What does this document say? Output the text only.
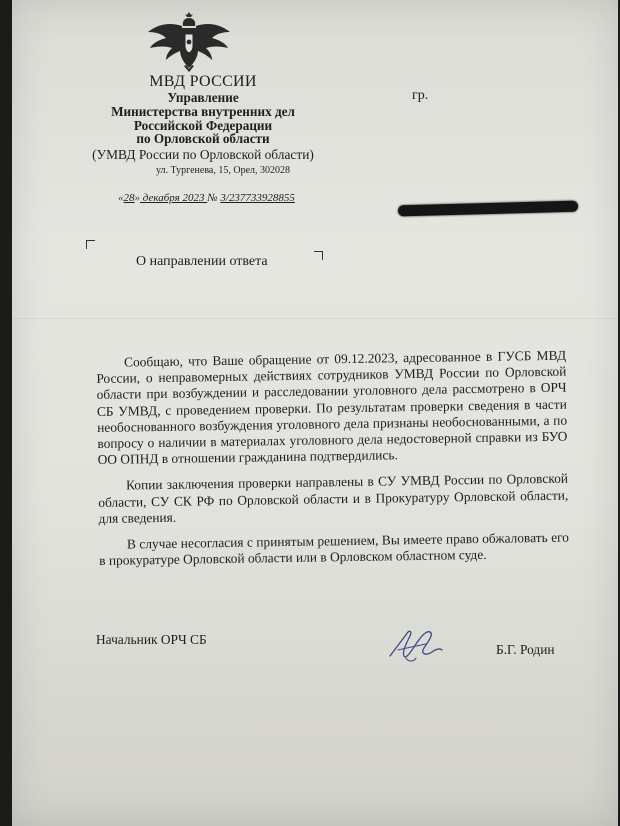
МВД РОССИИ
Управление
Министерства внутренних дел
Российской Федерации
по Орловской области
(УМВД России по Орловской области)
ул. Тургенева, 15, Орел, 302028
гр.
«28» декабря 2023 № 3/237733928855
О направлении ответа

Сообщаю, что Ваше обращение от 09.12.2023, адресованное в ГУСБ МВД России, о неправомерных действиях сотрудников УМВД России по Орловской области при возбуждении и расследовании уголовного дела рассмотрено в ОРЧ СБ УМВД, с проведением проверки. По результатам проверки сведения в части необоснованного возбуждения уголовного дела признаны необоснованными, а по вопросу о наличии в материалах уголовного дела недостоверной справки из БУО ОО ОПНД в отношении гражданина подтвердились.

Копии заключения проверки направлены в СУ УМВД России по Орловской области, СУ СК РФ по Орловской области и в Прокуратуру Орловской области, для сведения.

В случае несогласия с принятым решением, Вы имеете право обжаловать его в прокуратуре Орловской области или в Орловском областном суде.

Начальник ОРЧ СБ
Б.Г. Родин
